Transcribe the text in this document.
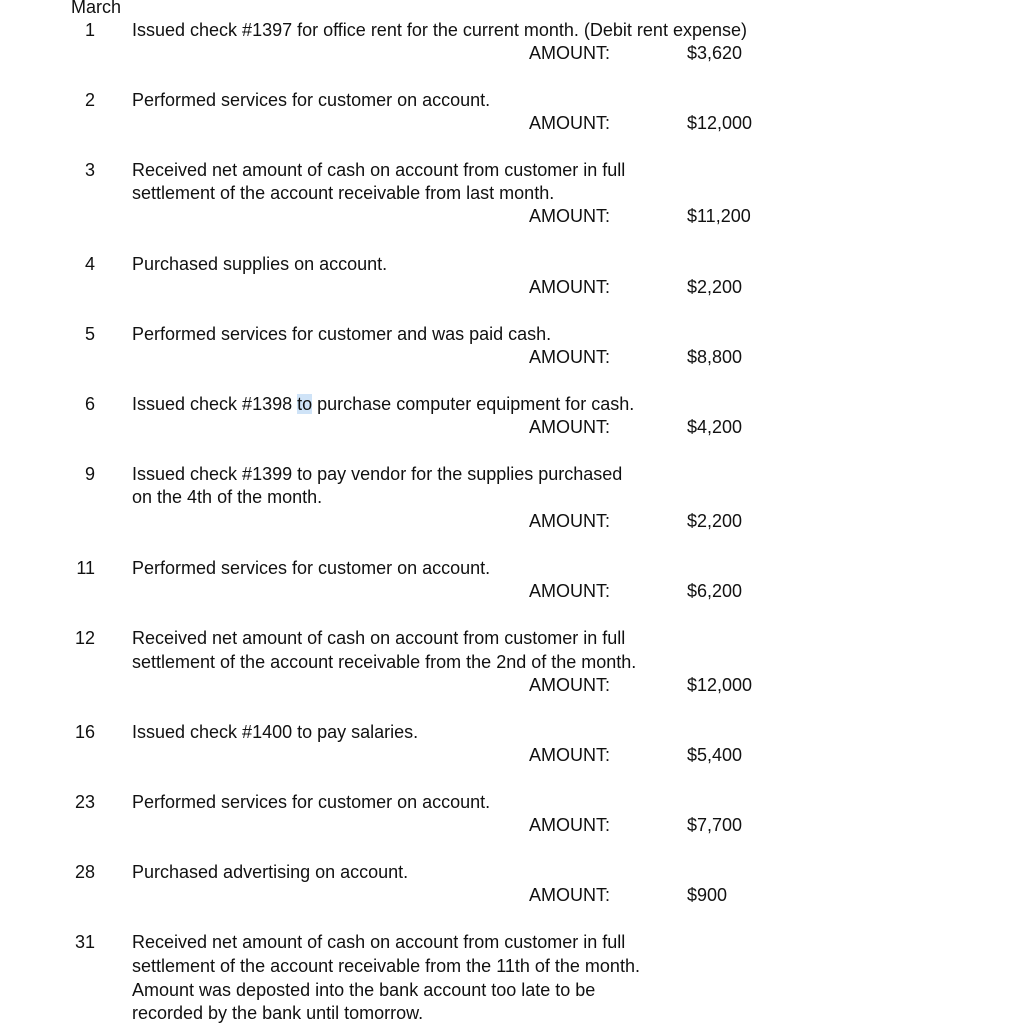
March
1 Issued check #1397 for office rent for the current month. (Debit rent expense)
AMOUNT:	$3,620
2 Performed services for customer on account.
AMOUNT:	$12,000
3 Received net amount of cash on account from customer in full
settlement of the account receivable from last month.
AMOUNT:	$11,200
4 Purchased supplies on account.
AMOUNT:	$2,200
5 Performed services for customer and was paid cash.
AMOUNT:	$8,800
6 Issued check #1398 to purchase computer equipment for cash.
AMOUNT:	$4,200
9 Issued check #1399 to pay vendor for the supplies purchased
on the 4th of the month.
AMOUNT:	$2,200
11 Performed services for customer on account.
AMOUNT:	$6,200
12 Received net amount of cash on account from customer in full
settlement of the account receivable from the 2nd of the month.
AMOUNT:	$12,000
16 Issued check #1400 to pay salaries.
AMOUNT:	$5,400
23 Performed services for customer on account.
AMOUNT:	$7,700
28 Purchased advertising on account.
AMOUNT:	$900
31 Received net amount of cash on account from customer in full
settlement of the account receivable from the 11th of the month.
Amount was deposted into the bank account too late to be
recorded by the bank until tomorrow.
